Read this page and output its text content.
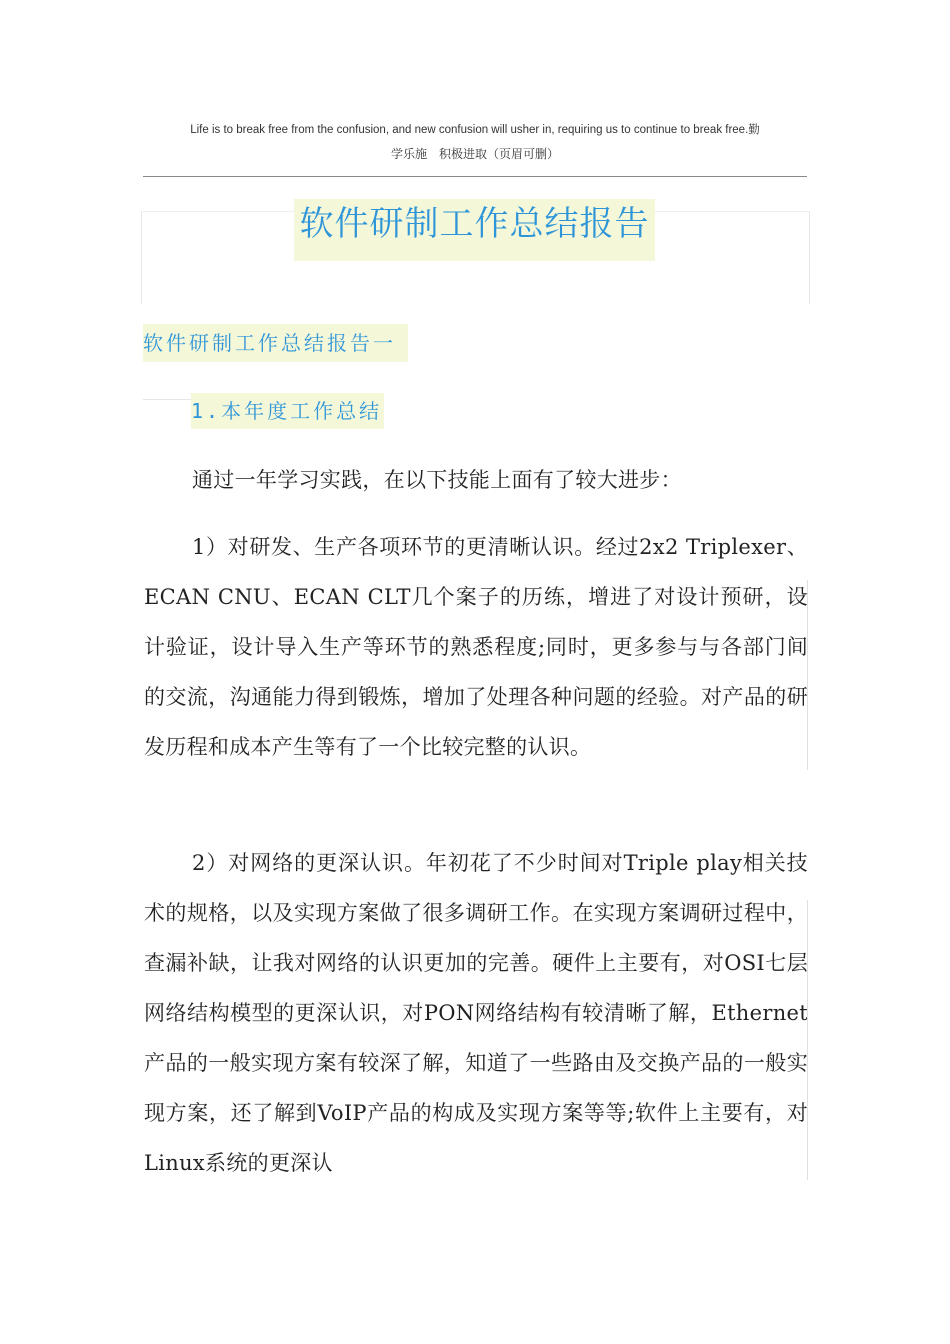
Life is to break free from the confusion, and new confusion will usher in, requiring us to continue to break free.勤
学乐施　积极进取（页眉可删）
软件研制工作总结报告
软件研制工作总结报告一
1.本年度工作总结

通过一年学习实践，在以下技能上面有了较大进步：

1）对研发、生产各项环节的更清晰认识。经过2x2 Triplexer、ECAN CNU、ECAN CLT几个案子的历练，增进了对设计预研，设计验证，设计导入生产等环节的熟悉程度;同时，更多参与与各部门间的交流，沟通能力得到锻炼，增加了处理各种问题的经验。对产品的研发历程和成本产生等有了一个比较完整的认识。

2）对网络的更深认识。年初花了不少时间对Triple play相关技术的规格，以及实现方案做了很多调研工作。在实现方案调研过程中，查漏补缺，让我对网络的认识更加的完善。硬件上主要有，对OSI七层网络结构模型的更深认识，对PON网络结构有较清晰了解，Ethernet产品的一般实现方案有较深了解，知道了一些路由及交换产品的一般实现方案，还了解到VoIP产品的构成及实现方案等等;软件上主要有，对Linux系统的更深认
